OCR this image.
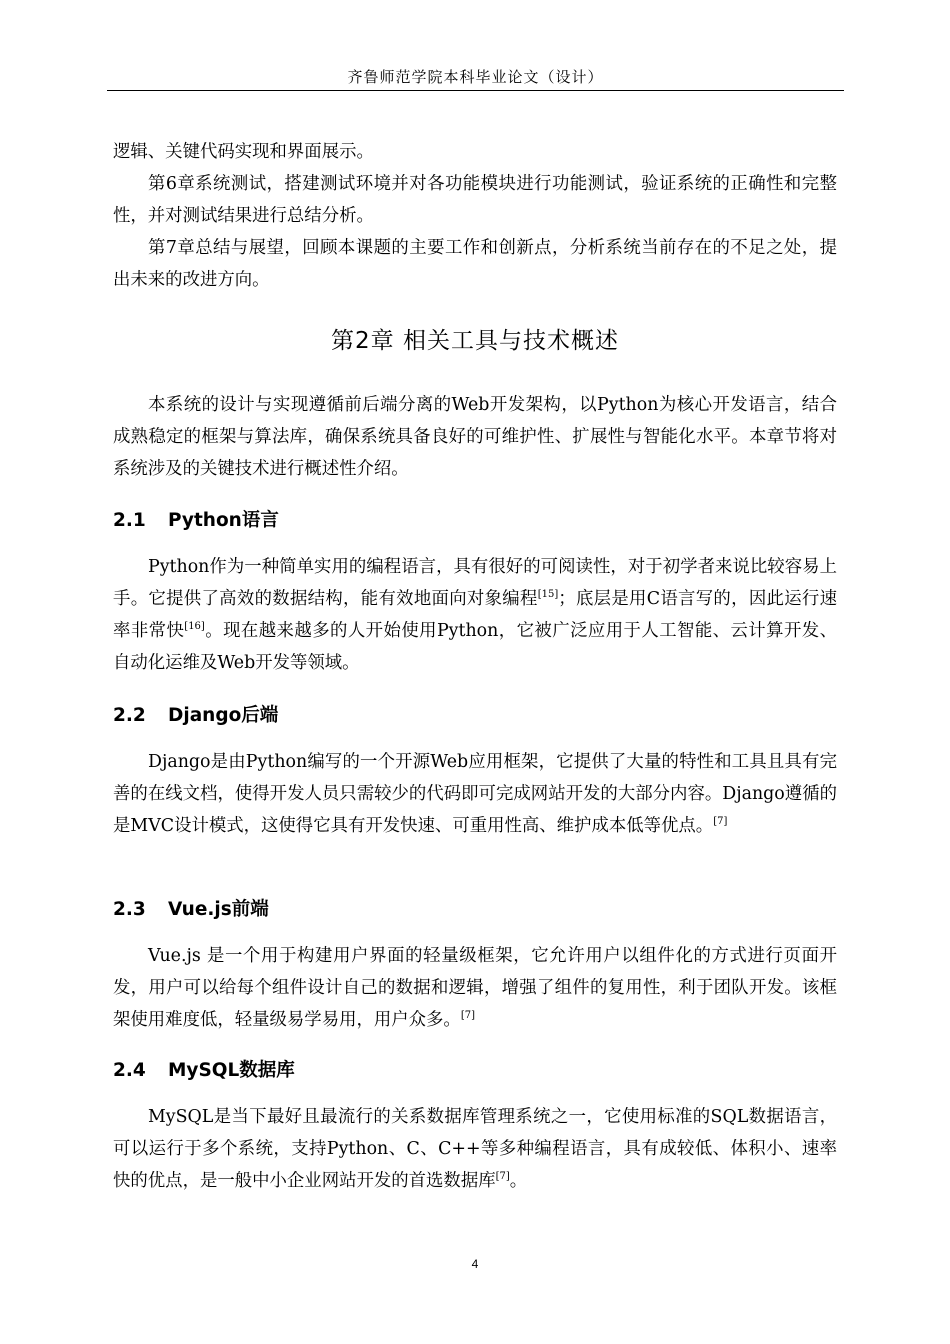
齐鲁师范学院本科毕业论文（设计）

逻辑、关键代码实现和界面展示。

第6章系统测试，搭建测试环境并对各功能模块进行功能测试，验证系统的正确性和完整性，并对测试结果进行总结分析。

第7章总结与展望，回顾本课题的主要工作和创新点，分析系统当前存在的不足之处，提出未来的改进方向。

第2章 相关工具与技术概述

本系统的设计与实现遵循前后端分离的Web开发架构，以Python为核心开发语言，结合成熟稳定的框架与算法库，确保系统具备良好的可维护性、扩展性与智能化水平。本章节将对系统涉及的关键技术进行概述性介绍。

2.1 Python语言

Python作为一种简单实用的编程语言，具有很好的可阅读性，对于初学者来说比较容易上手。它提供了高效的数据结构，能有效地面向对象编程[15]；底层是用C语言写的，因此运行速率非常快[16]。现在越来越多的人开始使用Python，它被广泛应用于人工智能、云计算开发、自动化运维及Web开发等领域。

2.2 Django后端

Django是由Python编写的一个开源Web应用框架，它提供了大量的特性和工具且具有完善的在线文档，使得开发人员只需较少的代码即可完成网站开发的大部分内容。Django遵循的是MVC设计模式，这使得它具有开发快速、可重用性高、维护成本低等优点。[7]

2.3 Vue.js前端

Vue.js 是一个用于构建用户界面的轻量级框架，它允许用户以组件化的方式进行页面开发，用户可以给每个组件设计自己的数据和逻辑，增强了组件的复用性，利于团队开发。该框架使用难度低，轻量级易学易用，用户众多。[7]

2.4 MySQL数据库

MySQL是当下最好且最流行的关系数据库管理系统之一，它使用标准的SQL数据语言，可以运行于多个系统，支持Python、C、C++等多种编程语言，具有成较低、体积小、速率快的优点，是一般中小企业网站开发的首选数据库[7]。

4
